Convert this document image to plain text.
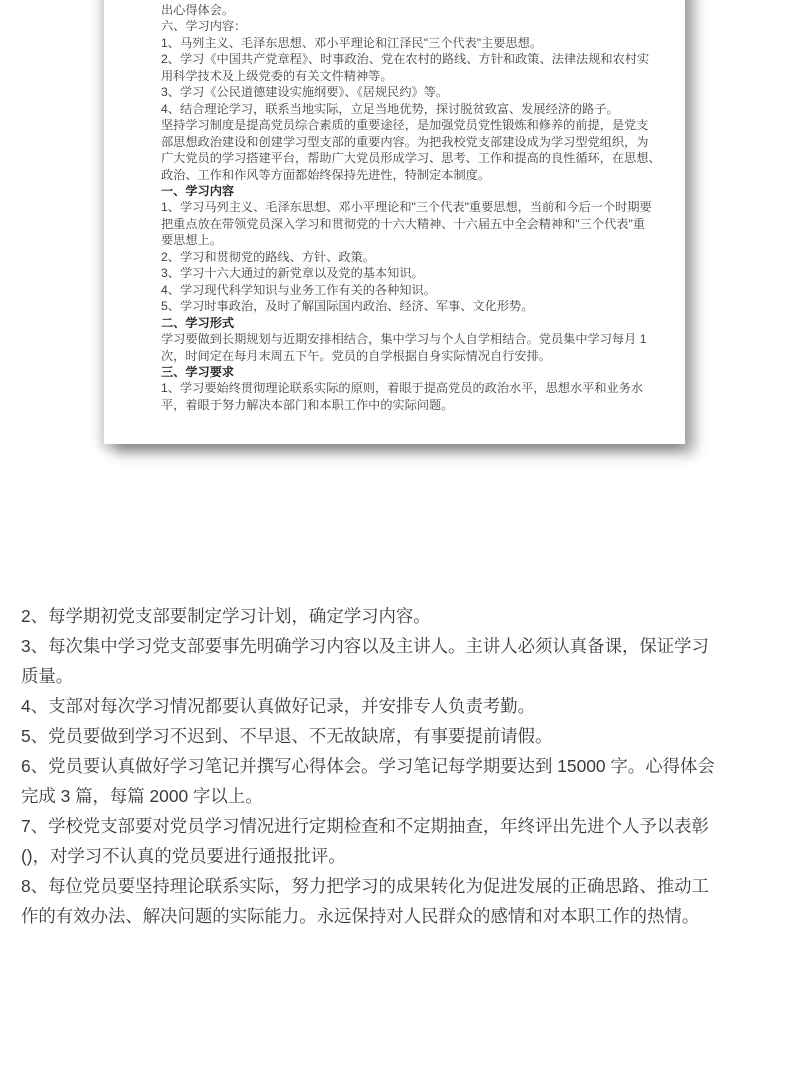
出心得体会。
六、学习内容：
1、马列主义、毛泽东思想、邓小平理论和江泽民"三个代表"主要思想。
2、学习《中国共产党章程》、时事政治、党在农村的路线、方针和政策、法律法规和农村实
用科学技术及上级党委的有关文件精神等。
3、学习《公民道德建设实施纲要》、《居规民约》等。
4、结合理论学习，联系当地实际，立足当地优势，探讨脱贫致富、发展经济的路子。
坚持学习制度是提高党员综合素质的重要途径，是加强党员党性锻炼和修养的前提，是党支
部思想政治建设和创建学习型支部的重要内容。为把我校党支部建设成为学习型党组织，为
广大党员的学习搭建平台，帮助广大党员形成学习、思考、工作和提高的良性循环，在思想、
政治、工作和作风等方面都始终保持先进性，特制定本制度。
一、学习内容
1、学习马列主义、毛泽东思想、邓小平理论和"三个代表"重要思想，当前和今后一个时期要
把重点放在带领党员深入学习和贯彻党的十六大精神、十六届五中全会精神和"三个代表"重
要思想上。
2、学习和贯彻党的路线、方针、政策。
3、学习十六大通过的新党章以及党的基本知识。
4、学习现代科学知识与业务工作有关的各种知识。
5、学习时事政治，及时了解国际国内政治、经济、军事、文化形势。
二、学习形式
学习要做到长期规划与近期安排相结合，集中学习与个人自学相结合。党员集中学习每月 1
次，时间定在每月末周五下午。党员的自学根据自身实际情况自行安排。
三、学习要求
1、学习要始终贯彻理论联系实际的原则，着眼于提高党员的政治水平，思想水平和业务水
平，着眼于努力解决本部门和本职工作中的实际问题。
2、每学期初党支部要制定学习计划，确定学习内容。
3、每次集中学习党支部要事先明确学习内容以及主讲人。主讲人必须认真备课，保证学习
质量。
4、支部对每次学习情况都要认真做好记录，并安排专人负责考勤。
5、党员要做到学习不迟到、不早退、不无故缺席，有事要提前请假。
6、党员要认真做好学习笔记并撰写心得体会。学习笔记每学期要达到 15000 字。心得体会
完成 3 篇，每篇 2000 字以上。
7、学校党支部要对党员学习情况进行定期检查和不定期抽查，年终评出先进个人予以表彰
()，对学习不认真的党员要进行通报批评。
8、每位党员要坚持理论联系实际，努力把学习的成果转化为促进发展的正确思路、推动工
作的有效办法、解决问题的实际能力。永远保持对人民群众的感情和对本职工作的热情。
